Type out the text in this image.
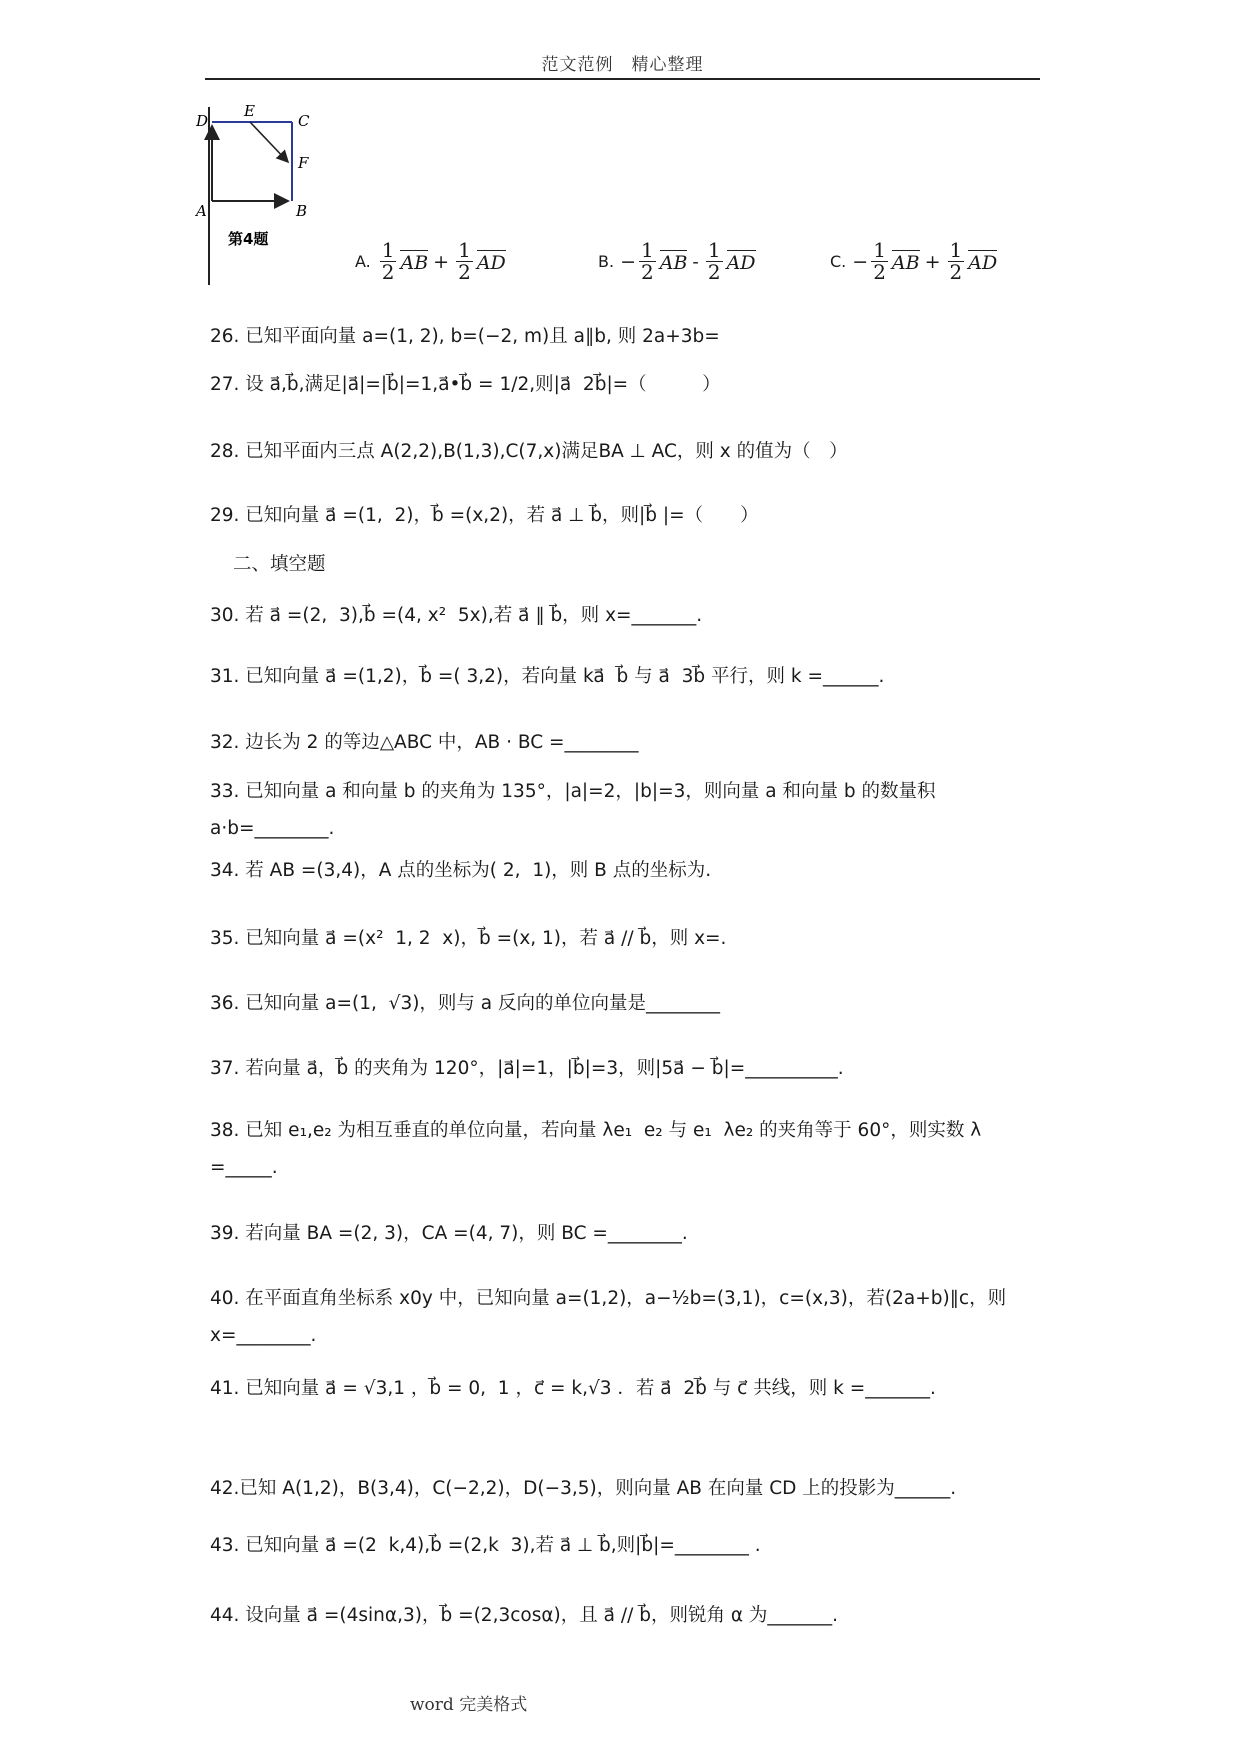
范文范例　精心整理
D
E
C
F
A	B
第4题
A. $\frac{1}{2}$ AB + $\frac{1}{2}$ AD	B. − $\frac{1}{2}$ AB - $\frac{1}{2}$ AD	C. − $\frac{1}{2}$ AB + $\frac{1}{2}$ AD
26. 已知平面向量 a=(1, 2), b=(−2, m)且 a∥b, 则 2a+3b=
27. 设 a⃗,b⃗,满足|a⃗|=|b⃗|=1,a⃗•b⃗ = 1/2,则|a⃗  2b⃗|=（　　　）
28. 已知平面内三点 A(2,2),B(1,3),C(7,x)满足BA ⊥ AC，则 x 的值为（　）
29. 已知向量 a⃗ =(1,  2)，b⃗ =(x,2)，若 a⃗ ⊥ b⃗，则|b⃗ |=（　　）
二、填空题
30. 若 a⃗ =(2,  3),b⃗ =(4, x²  5x),若 a⃗ ∥ b⃗，则 x=_______.
31. 已知向量 a⃗ =(1,2)，b⃗ =( 3,2)，若向量 ka⃗  b⃗ 与 a⃗  3b⃗ 平行，则 k =______.
32. 边长为 2 的等边△ABC 中，AB · BC =________
33. 已知向量 a 和向量 b 的夹角为 135°，|a|=2，|b|=3，则向量 a 和向量 b 的数量积 a·b=________.
34. 若 AB =(3,4)，A 点的坐标为( 2,  1)，则 B 点的坐标为.
35. 已知向量 a⃗ =(x²  1, 2  x)，b⃗ =(x, 1)，若 a⃗ // b⃗，则 x=.
36. 已知向量 a=(1,  √3)，则与 a 反向的单位向量是________
37. 若向量 a⃗，b⃗ 的夹角为 120°，|a⃗|=1，|b⃗|=3，则|5a⃗ − b⃗|=__________.
38. 已知 e₁,e₂ 为相互垂直的单位向量，若向量 λe₁  e₂ 与 e₁  λe₂ 的夹角等于 60°，则实数 λ =_____.
39. 若向量 BA =(2, 3)，CA =(4, 7)，则 BC =________.
40. 在平面直角坐标系 x0y 中，已知向量 a=(1,2)，a−½b=(3,1)，c=(x,3)，若(2a+b)∥c，则 x=________.
41. 已知向量 a⃗ = √3,1 ，b⃗ = 0,  1 ，c⃗ = k,√3 ．若 a⃗  2b⃗ 与 c⃗ 共线，则 k =_______.
42.已知 A(1,2)，B(3,4)，C(−2,2)，D(−3,5)，则向量 AB 在向量 CD 上的投影为______.
43. 已知向量 a⃗ =(2  k,4),b⃗ =(2,k  3),若 a⃗ ⊥ b⃗,则|b⃗|=________ .
44. 设向量 a⃗ =(4sinα,3)，b⃗ =(2,3cosα)，且 a⃗ // b⃗，则锐角 α 为_______.
word 完美格式
